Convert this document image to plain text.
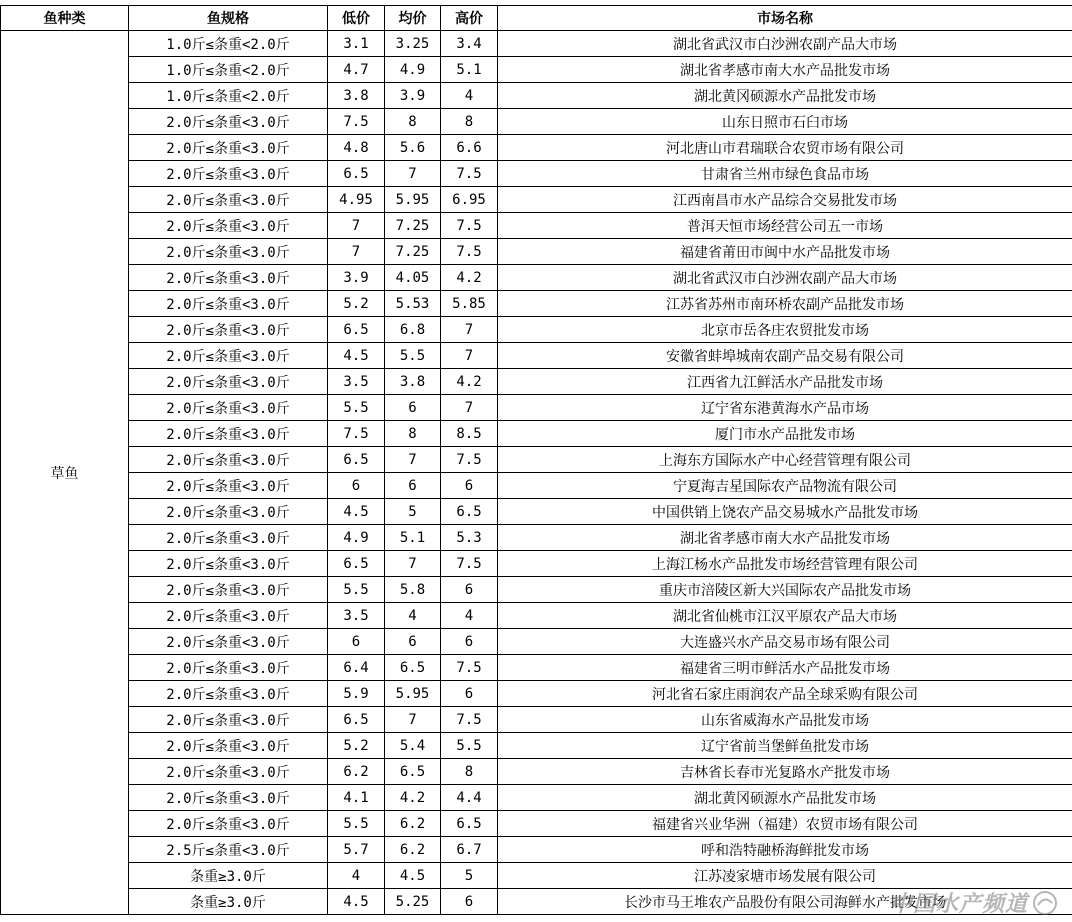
鱼种类	鱼规格	低价	均价	高价	市场名称
草鱼	1.0斤≤条重<2.0斤	3.1	3.25	3.4	湖北省武汉市白沙洲农副产品大市场
	1.0斤≤条重<2.0斤	4.7	4.9	5.1	湖北省孝感市南大水产品批发市场
	1.0斤≤条重<2.0斤	3.8	3.9	4	湖北黄冈硕源水产品批发市场
	2.0斤≤条重<3.0斤	7.5	8	8	山东日照市石臼市场
	2.0斤≤条重<3.0斤	4.8	5.6	6.6	河北唐山市君瑞联合农贸市场有限公司
	2.0斤≤条重<3.0斤	6.5	7	7.5	甘肃省兰州市绿色食品市场
	2.0斤≤条重<3.0斤	4.95	5.95	6.95	江西南昌市水产品综合交易批发市场
	2.0斤≤条重<3.0斤	7	7.25	7.5	普洱天恒市场经营公司五一市场
	2.0斤≤条重<3.0斤	7	7.25	7.5	福建省莆田市闽中水产品批发市场
	2.0斤≤条重<3.0斤	3.9	4.05	4.2	湖北省武汉市白沙洲农副产品大市场
	2.0斤≤条重<3.0斤	5.2	5.53	5.85	江苏省苏州市南环桥农副产品批发市场
	2.0斤≤条重<3.0斤	6.5	6.8	7	北京市岳各庄农贸批发市场
	2.0斤≤条重<3.0斤	4.5	5.5	7	安徽省蚌埠城南农副产品交易有限公司
	2.0斤≤条重<3.0斤	3.5	3.8	4.2	江西省九江鲜活水产品批发市场
	2.0斤≤条重<3.0斤	5.5	6	7	辽宁省东港黄海水产品市场
	2.0斤≤条重<3.0斤	7.5	8	8.5	厦门市水产品批发市场
	2.0斤≤条重<3.0斤	6.5	7	7.5	上海东方国际水产中心经营管理有限公司
	2.0斤≤条重<3.0斤	6	6	6	宁夏海吉星国际农产品物流有限公司
	2.0斤≤条重<3.0斤	4.5	5	6.5	中国供销上饶农产品交易城水产品批发市场
	2.0斤≤条重<3.0斤	4.9	5.1	5.3	湖北省孝感市南大水产品批发市场
	2.0斤≤条重<3.0斤	6.5	7	7.5	上海江杨水产品批发市场经营管理有限公司
	2.0斤≤条重<3.0斤	5.5	5.8	6	重庆市涪陵区新大兴国际农产品批发市场
	2.0斤≤条重<3.0斤	3.5	4	4	湖北省仙桃市江汉平原农产品大市场
	2.0斤≤条重<3.0斤	6	6	6	大连盛兴水产品交易市场有限公司
	2.0斤≤条重<3.0斤	6.4	6.5	7.5	福建省三明市鲜活水产品批发市场
	2.0斤≤条重<3.0斤	5.9	5.95	6	河北省石家庄雨润农产品全球采购有限公司
	2.0斤≤条重<3.0斤	6.5	7	7.5	山东省威海水产品批发市场
	2.0斤≤条重<3.0斤	5.2	5.4	5.5	辽宁省前当堡鲜鱼批发市场
	2.0斤≤条重<3.0斤	6.2	6.5	8	吉林省长春市光复路水产批发市场
	2.0斤≤条重<3.0斤	4.1	4.2	4.4	湖北黄冈硕源水产品批发市场
	2.0斤≤条重<3.0斤	5.5	6.2	6.5	福建省兴业华洲（福建）农贸市场有限公司
	2.5斤≤条重<3.0斤	5.7	6.2	6.7	呼和浩特融桥海鲜批发市场
	条重≥3.0斤	4	4.5	5	江苏凌家塘市场发展有限公司
	条重≥3.0斤	4.5	5.25	6	长沙市马王堆农产品股份有限公司海鲜水产批发市场
中国水产频道
